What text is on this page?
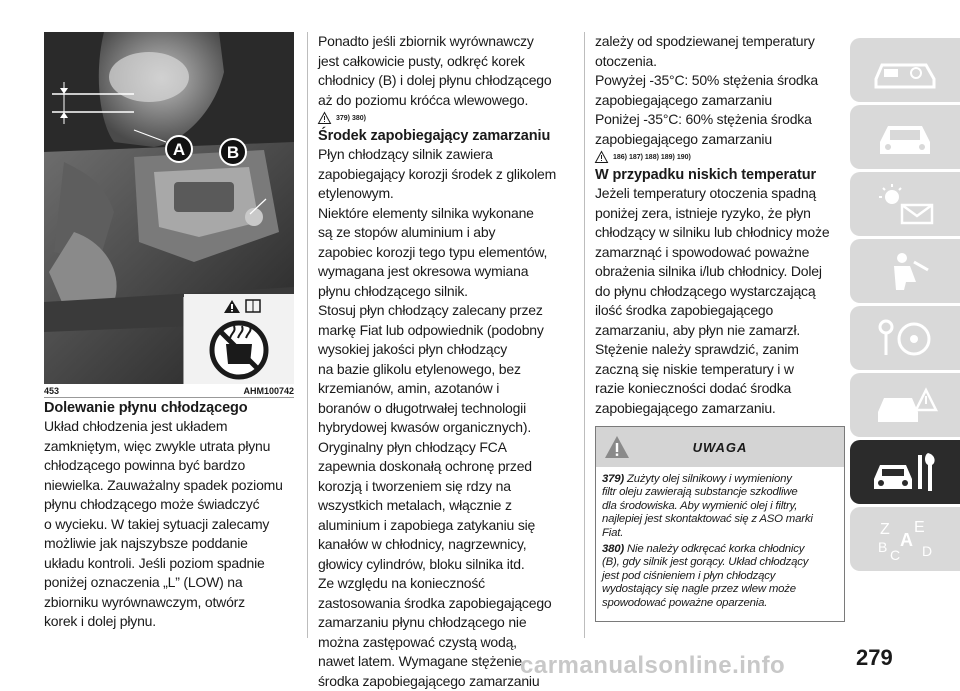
A B
453	AHM100742
Dolewanie płynu chłodzącego
Układ chłodzenia jest układem
zamkniętym, więc zwykle utrata płynu
chłodzącego powinna być bardzo
niewielka. Zauważalny spadek poziomu
płynu chłodzącego może świadczyć
o wycieku. W takiej sytuacji zalecamy
możliwie jak najszybsze poddanie
układu kontroli. Jeśli poziom spadnie
poniżej oznaczenia „L” (LOW) na
zbiorniku wyrównawczym, otwórz
korek i dolej płynu.
Ponadto jeśli zbiornik wyrównawczy
jest całkowicie pusty, odkręć korek
chłodnicy (B) i dolej płynu chłodzącego
aż do poziomu króćca wlewowego.
379) 380)
Środek zapobiegający zamarzaniu
Płyn chłodzący silnik zawiera
zapobiegający korozji środek z glikolem
etylenowym.
Niektóre elementy silnika wykonane
są ze stopów aluminium i aby
zapobiec korozji tego typu elementów,
wymagana jest okresowa wymiana
płynu chłodzącego silnik.
Stosuj płyn chłodzący zalecany przez
markę Fiat lub odpowiednik (podobny
wysokiej jakości płyn chłodzący
na bazie glikolu etylenowego, bez
krzemianów, amin, azotanów i
boranów o długotrwałej technologii
hybrydowej kwasów organicznych).
Oryginalny płyn chłodzący FCA
zapewnia doskonałą ochronę przed
korozją i tworzeniem się rdzy na
wszystkich metalach, włącznie z
aluminium i zapobiega zatykaniu się
kanałów w chłodnicy, nagrzewnicy,
głowicy cylindrów, bloku silnika itd.
Ze względu na konieczność
zastosowania środka zapobiegającego
zamarzaniu płynu chłodzącego nie
można zastępować czystą wodą,
nawet latem. Wymagane stężenie
środka zapobiegającego zamarzaniu
zależy od spodziewanej temperatury
otoczenia.
Powyżej -35°C: 50% stężenia środka
zapobiegającego zamarzaniu
Poniżej -35°C: 60% stężenia środka
zapobiegającego zamarzaniu
186) 187) 188) 189) 190)
W przypadku niskich temperatur
Jeżeli temperatury otoczenia spadną
poniżej zera, istnieje ryzyko, że płyn
chłodzący w silniku lub chłodnicy może
zamarznąć i spowodować poważne
obrażenia silnika i/lub chłodnicy. Dolej
do płynu chłodzącego wystarczającą
ilość środka zapobiegającego
zamarzaniu, aby płyn nie zamarzł.
Stężenie należy sprawdzić, zanim
zaczną się niskie temperatury i w
razie konieczności dodać środka
zapobiegającego zamarzaniu.
UWAGA
379) Zużyty olej silnikowy i wymieniony
filtr oleju zawierają substancje szkodliwe
dla środowiska. Aby wymienić olej i filtry,
najlepiej jest skontaktować się z ASO marki
Fiat.
380) Nie należy odkręcać korka chłodnicy
(B), gdy silnik jest gorący. Układ chłodzący
jest pod ciśnieniem i płyn chłodzący
wydostający się nagle przez wlew może
spowodować poważne oparzenia.
Z E
A
B C D
carmanualsonline.info	279
